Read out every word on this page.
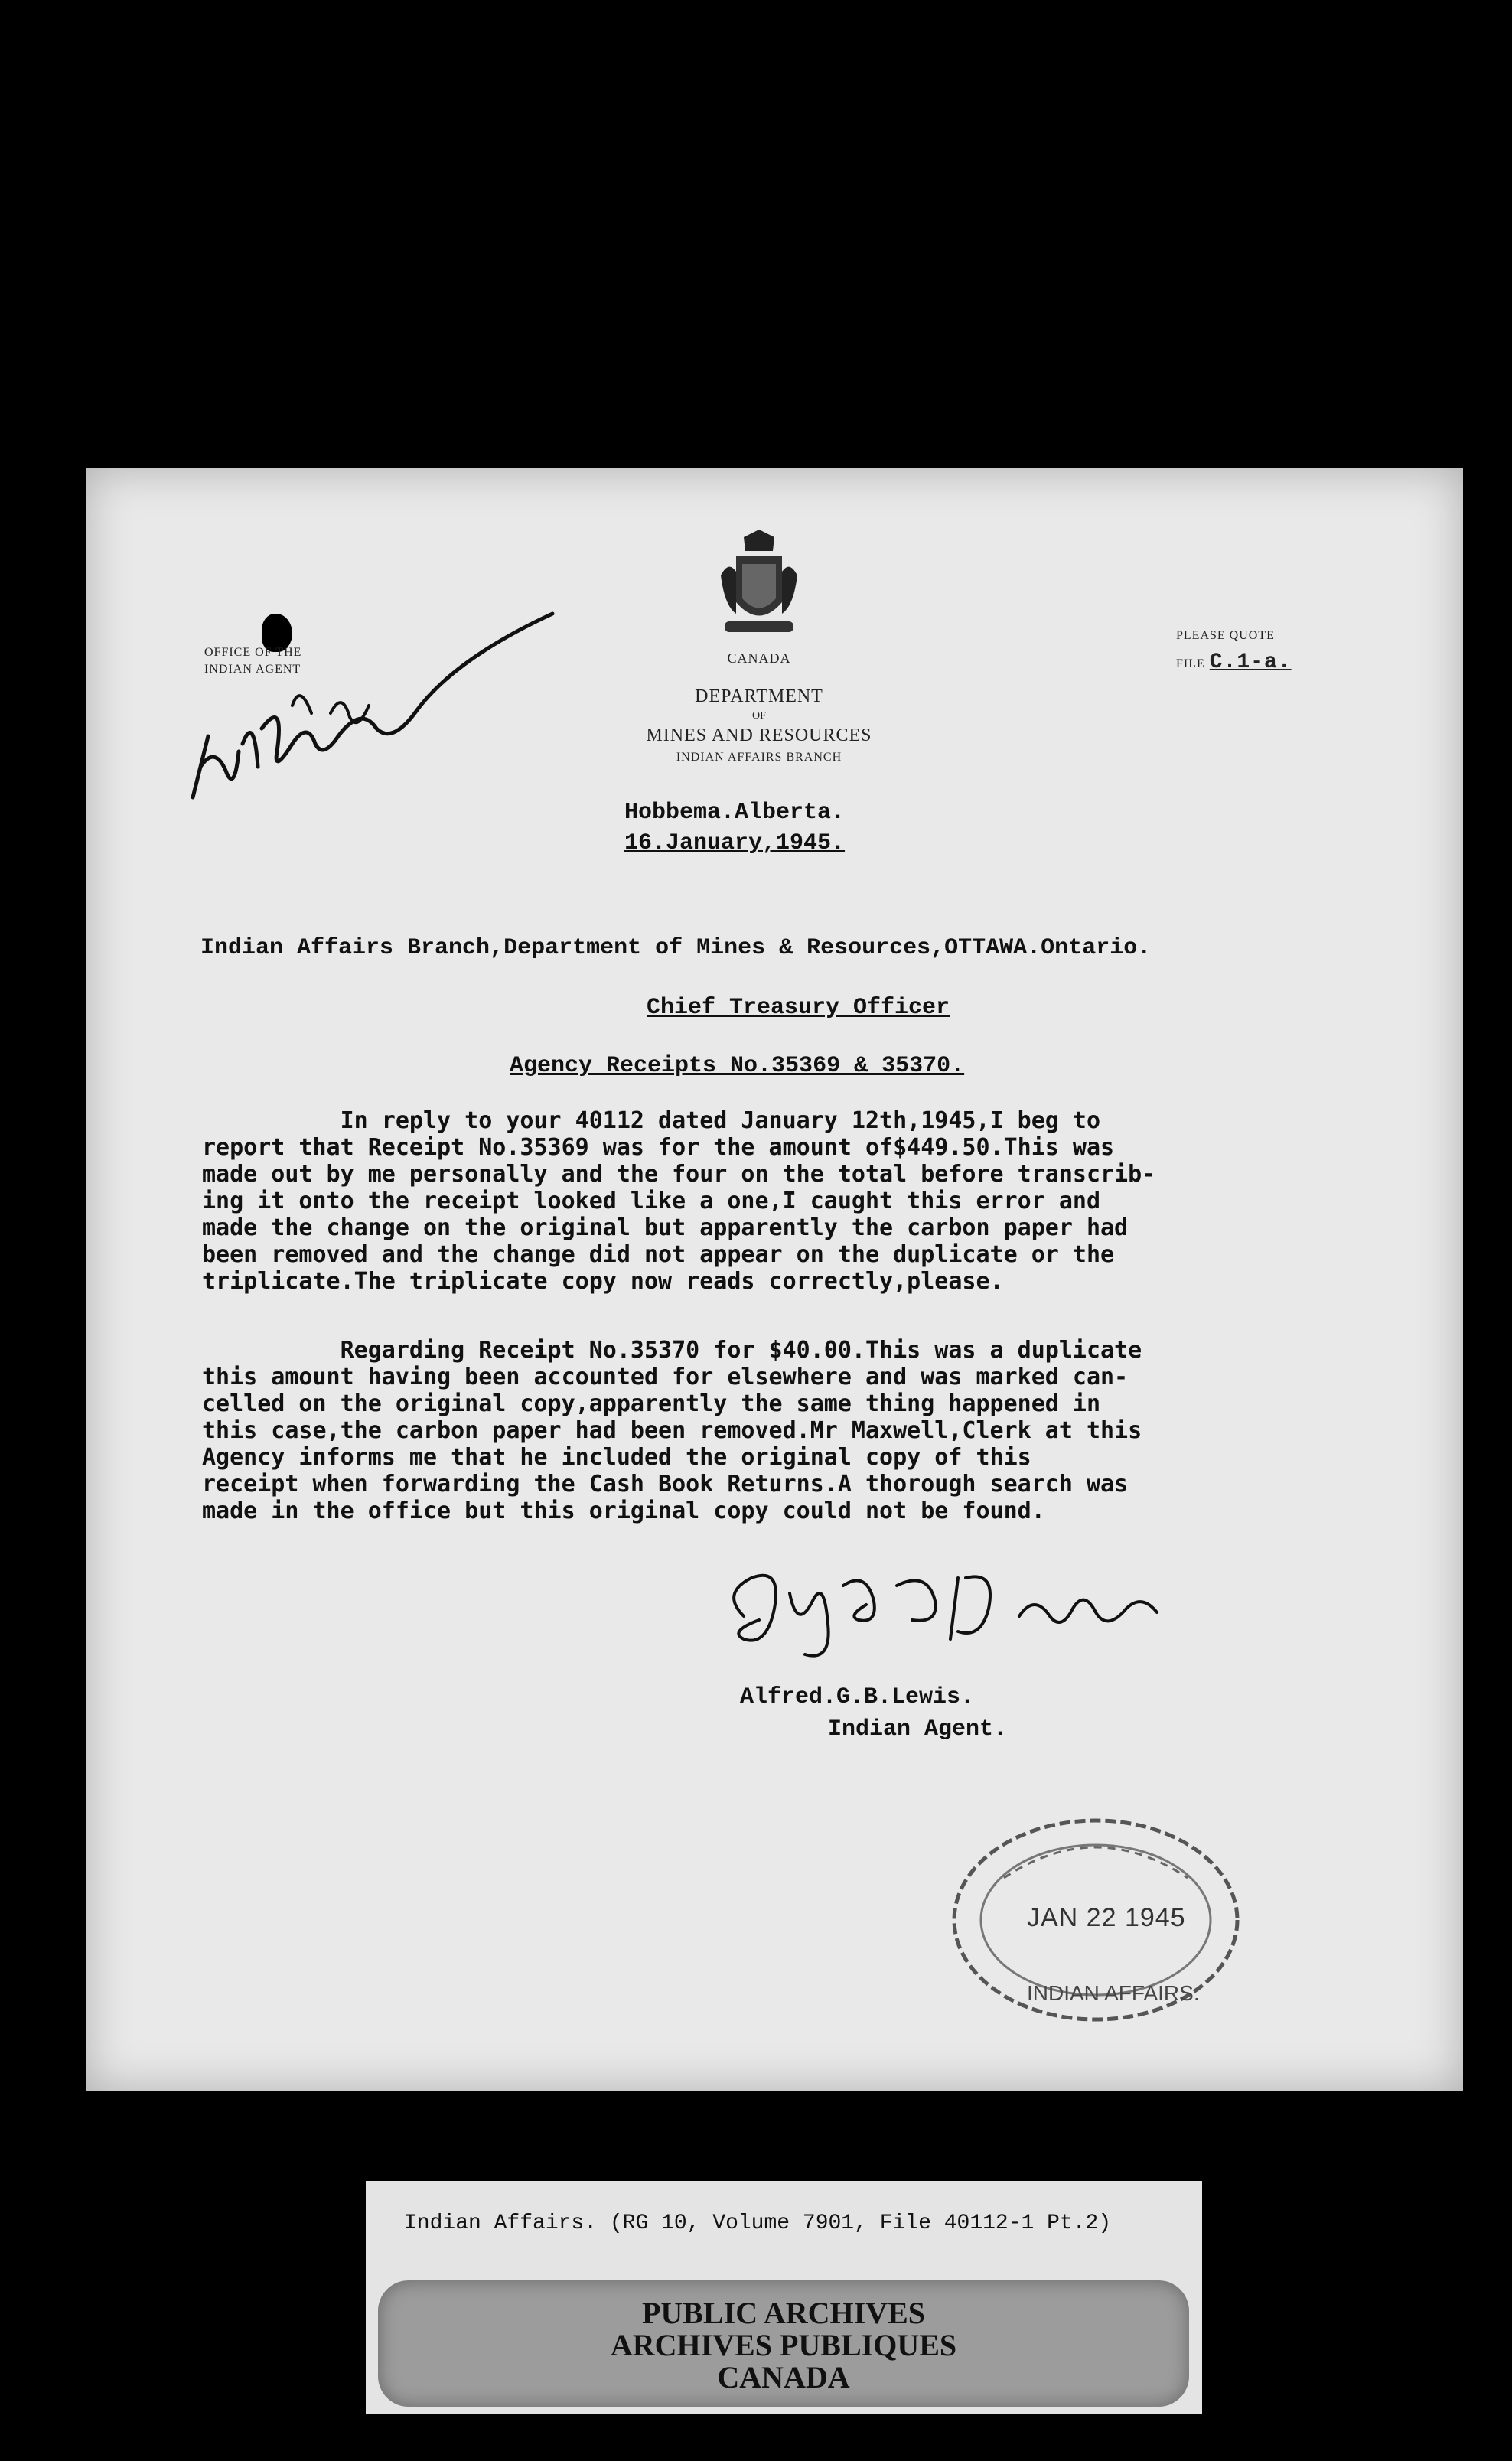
OFFICE OF THE
INDIAN AGENT
CANADA
DEPARTMENT
OF
MINES AND RESOURCES
INDIAN AFFAIRS BRANCH
PLEASE QUOTE
FILE C.1-a.
Hobbema.Alberta.
16.January,1945.
Indian Affairs Branch,Department of Mines & Resources,OTTAWA.Ontario.
Chief Treasury Officer
Agency Receipts No.35369 & 35370.
In reply to your 40112 dated January 12th,1945,I beg to
report that Receipt No.35369 was for the amount of$449.50.This was
made out by me personally and the four on the total before transcrib-
ing it onto the receipt looked like a one,I caught this error and
made the change on the original but apparently the carbon paper had
been removed and the change did not appear on the duplicate or the
triplicate.The triplicate copy now reads correctly,please.
Regarding Receipt No.35370 for $40.00.This was a duplicate
this amount having been accounted for elsewhere and was marked can-
celled on the original copy,apparently the same thing happened in
this case,the carbon paper had been removed.Mr Maxwell,Clerk at this
Agency informs me that he included the original copy of this
receipt when forwarding the Cash Book Returns.A thorough search was
made in the office but this original copy could not be found.
Alfred.G.B.Lewis.
Indian Agent.
INDIAN AFFAIRS.
JAN 22 1945
Indian Affairs. (RG 10, Volume 7901, File 40112-1 Pt.2)
PUBLIC ARCHIVES
ARCHIVES PUBLIQUES
CANADA
